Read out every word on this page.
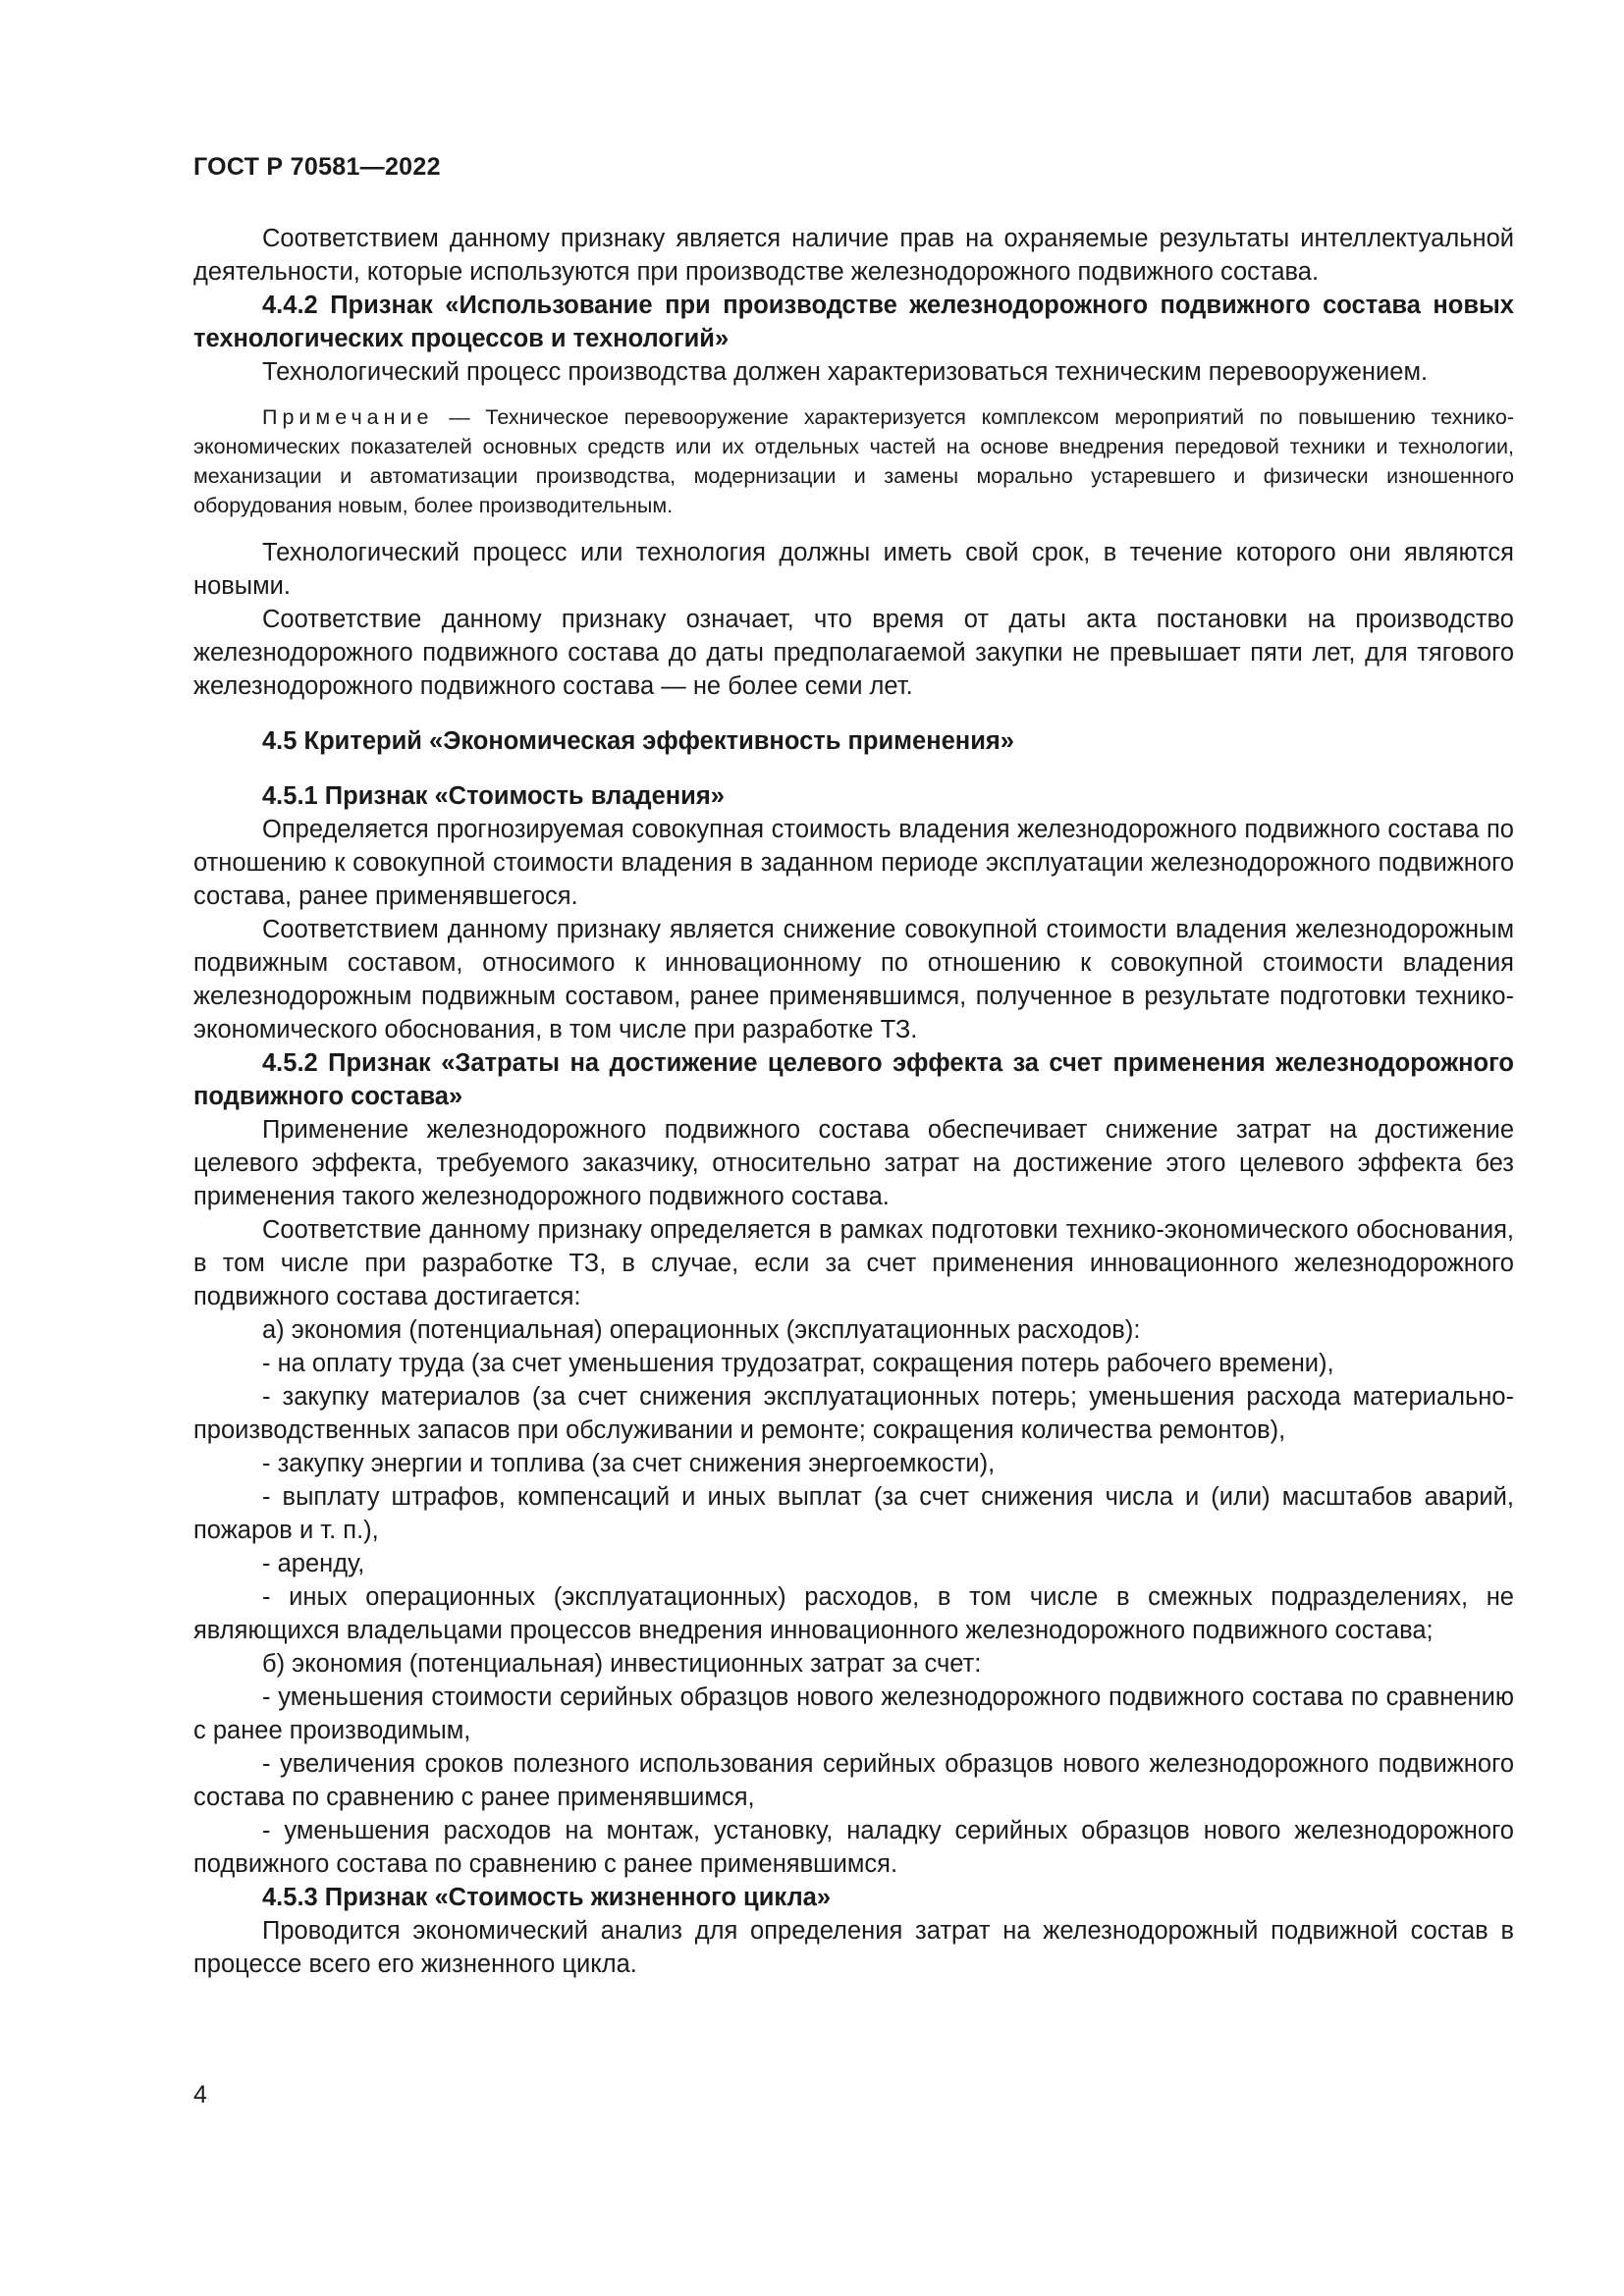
ГОСТ Р 70581—2022

Соответствием данному признаку является наличие прав на охраняемые результаты интеллектуальной деятельности, которые используются при производстве железнодорожного подвижного состава.

4.4.2 Признак «Использование при производстве железнодорожного подвижного состава новых технологических процессов и технологий»

Технологический процесс производства должен характеризоваться техническим перевооружением.

Примечание — Техническое перевооружение характеризуется комплексом мероприятий по повышению технико-экономических показателей основных средств или их отдельных частей на основе внедрения передовой техники и технологии, механизации и автоматизации производства, модернизации и замены морально устаревшего и физически изношенного оборудования новым, более производительным.

Технологический процесс или технология должны иметь свой срок, в течение которого они являются новыми.

Соответствие данному признаку означает, что время от даты акта постановки на производство железнодорожного подвижного состава до даты предполагаемой закупки не превышает пяти лет, для тягового железнодорожного подвижного состава — не более семи лет.

4.5 Критерий «Экономическая эффективность применения»

4.5.1 Признак «Стоимость владения»

Определяется прогнозируемая совокупная стоимость владения железнодорожного подвижного состава по отношению к совокупной стоимости владения в заданном периоде эксплуатации железнодорожного подвижного состава, ранее применявшегося.

Соответствием данному признаку является снижение совокупной стоимости владения железнодорожным подвижным составом, относимого к инновационному по отношению к совокупной стоимости владения железнодорожным подвижным составом, ранее применявшимся, полученное в результате подготовки технико-экономического обоснования, в том числе при разработке ТЗ.

4.5.2 Признак «Затраты на достижение целевого эффекта за счет применения железнодорожного подвижного состава»

Применение железнодорожного подвижного состава обеспечивает снижение затрат на достижение целевого эффекта, требуемого заказчику, относительно затрат на достижение этого целевого эффекта без применения такого железнодорожного подвижного состава.

Соответствие данному признаку определяется в рамках подготовки технико-экономического обоснования, в том числе при разработке ТЗ, в случае, если за счет применения инновационного железнодорожного подвижного состава достигается:

а) экономия (потенциальная) операционных (эксплуатационных расходов):

- на оплату труда (за счет уменьшения трудозатрат, сокращения потерь рабочего времени),

- закупку материалов (за счет снижения эксплуатационных потерь; уменьшения расхода материально-производственных запасов при обслуживании и ремонте; сокращения количества ремонтов),

- закупку энергии и топлива (за счет снижения энергоемкости),

- выплату штрафов, компенсаций и иных выплат (за счет снижения числа и (или) масштабов аварий, пожаров и т. п.),

- аренду,

- иных операционных (эксплуатационных) расходов, в том числе в смежных подразделениях, не являющихся владельцами процессов внедрения инновационного железнодорожного подвижного состава;

б) экономия (потенциальная) инвестиционных затрат за счет:

- уменьшения стоимости серийных образцов нового железнодорожного подвижного состава по сравнению с ранее производимым,

- увеличения сроков полезного использования серийных образцов нового железнодорожного подвижного состава по сравнению с ранее применявшимся,

- уменьшения расходов на монтаж, установку, наладку серийных образцов нового железнодорожного подвижного состава по сравнению с ранее применявшимся.

4.5.3 Признак «Стоимость жизненного цикла»

Проводится экономический анализ для определения затрат на железнодорожный подвижной состав в процессе всего его жизненного цикла.

4
